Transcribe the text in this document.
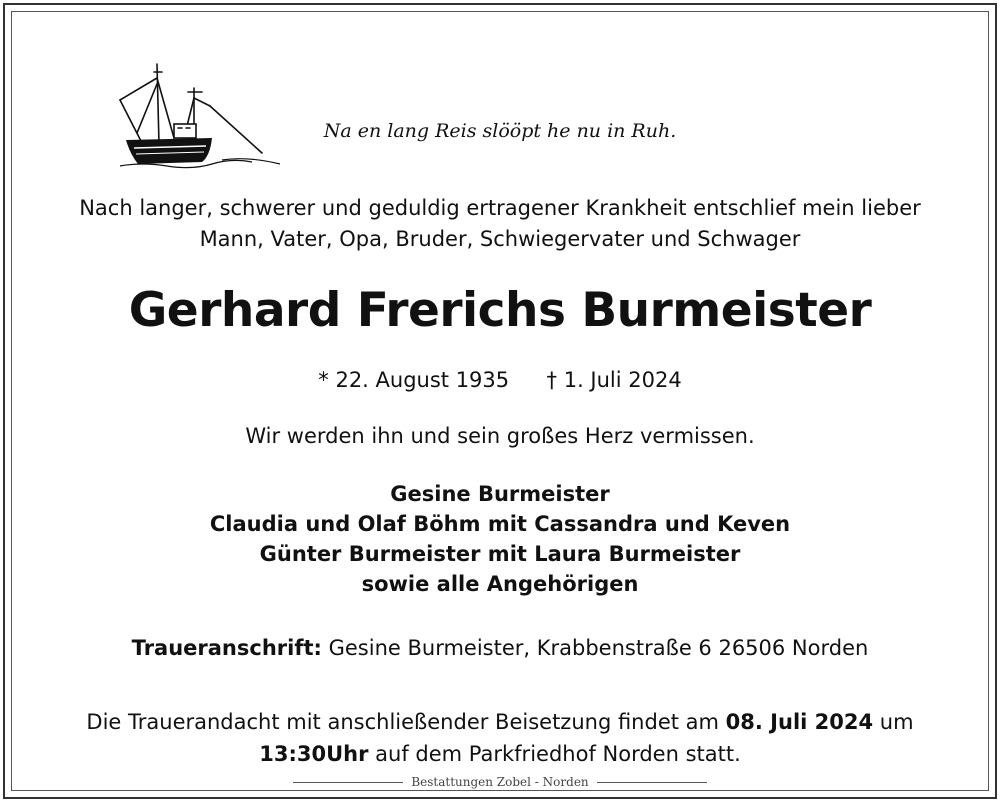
Na en lang Reis slööpt he nu in Ruh.
Nach langer, schwerer und geduldig ertragener Krankheit entschlief mein lieber
Mann, Vater, Opa, Bruder, Schwiegervater und Schwager
Gerhard Frerichs Burmeister
* 22. August 1935 † 1. Juli 2024
Wir werden ihn und sein großes Herz vermissen.
Gesine Burmeister
Claudia und Olaf Böhm mit Cassandra und Keven
Günter Burmeister mit Laura Burmeister
sowie alle Angehörigen
Traueranschrift: Gesine Burmeister, Krabbenstraße 6 26506 Norden
Die Trauerandacht mit anschließender Beisetzung findet am 08. Juli 2024 um
13:30Uhr auf dem Parkfriedhof Norden statt.
Bestattungen Zobel - Norden
